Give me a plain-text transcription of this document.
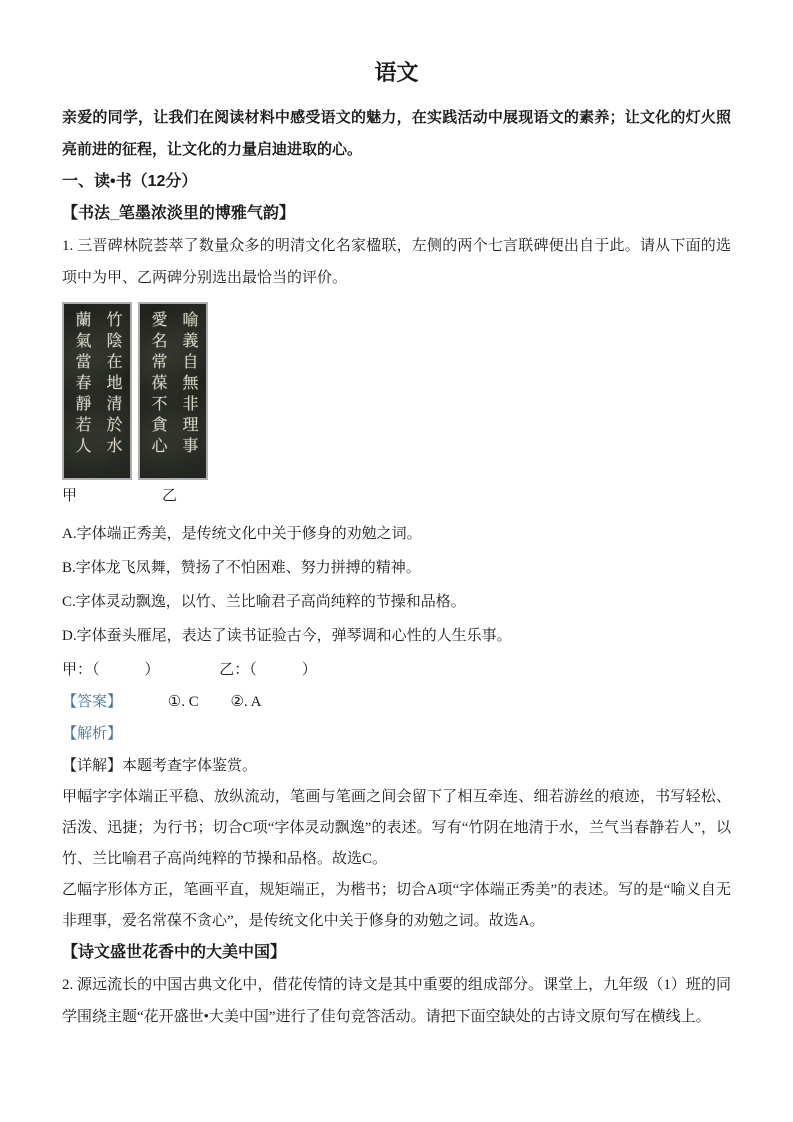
语文

亲爱的同学，让我们在阅读材料中感受语文的魅力，在实践活动中展现语文的素养；让文化的灯火照亮前进的征程，让文化的力量启迪进取的心。

一、读•书（12分）
【书法_笔墨浓淡里的博雅气韵】

1. 三晋碑林院荟萃了数量众多的明清文化名家楹联，左侧的两个七言联碑便出自于此。请从下面的选项中为甲、乙两碑分别选出最恰当的评价。

竹陰在地清於水
蘭氣當春靜若人	喻義自無非理事
愛名常葆不貪心
甲	乙

A.字体端正秀美，是传统文化中关于修身的劝勉之词。

B.字体龙飞凤舞，赞扬了不怕困难、努力拼搏的精神。

C.字体灵动飘逸，以竹、兰比喻君子高尚纯粹的节操和品格。

D.字体蚕头雁尾，表达了读书证验古今，弹琴调和心性的人生乐事。

甲：（　　　）	乙：（　　　）

【答案】	①. C ②. A

【解析】

【详解】本题考查字体鉴赏。

甲幅字字体端正平稳、放纵流动，笔画与笔画之间会留下了相互牵连、细若游丝的痕迹，书写轻松、活泼、迅捷；为行书；切合C项“字体灵动飘逸”的表述。写有“竹阴在地清于水，兰气当春静若人”，以竹、兰比喻君子高尚纯粹的节操和品格。故选C。

乙幅字形体方正，笔画平直，规矩端正，为楷书；切合A项“字体端正秀美”的表述。写的是“喻义自无非理事，爱名常葆不贪心”，是传统文化中关于修身的劝勉之词。故选A。

【诗文盛世花香中的大美中国】

2. 源远流长的中国古典文化中，借花传情的诗文是其中重要的组成部分。课堂上，九年级（1）班的同学围绕主题“花开盛世•大美中国”进行了佳句竞答活动。请把下面空缺处的古诗文原句写在横线上。
